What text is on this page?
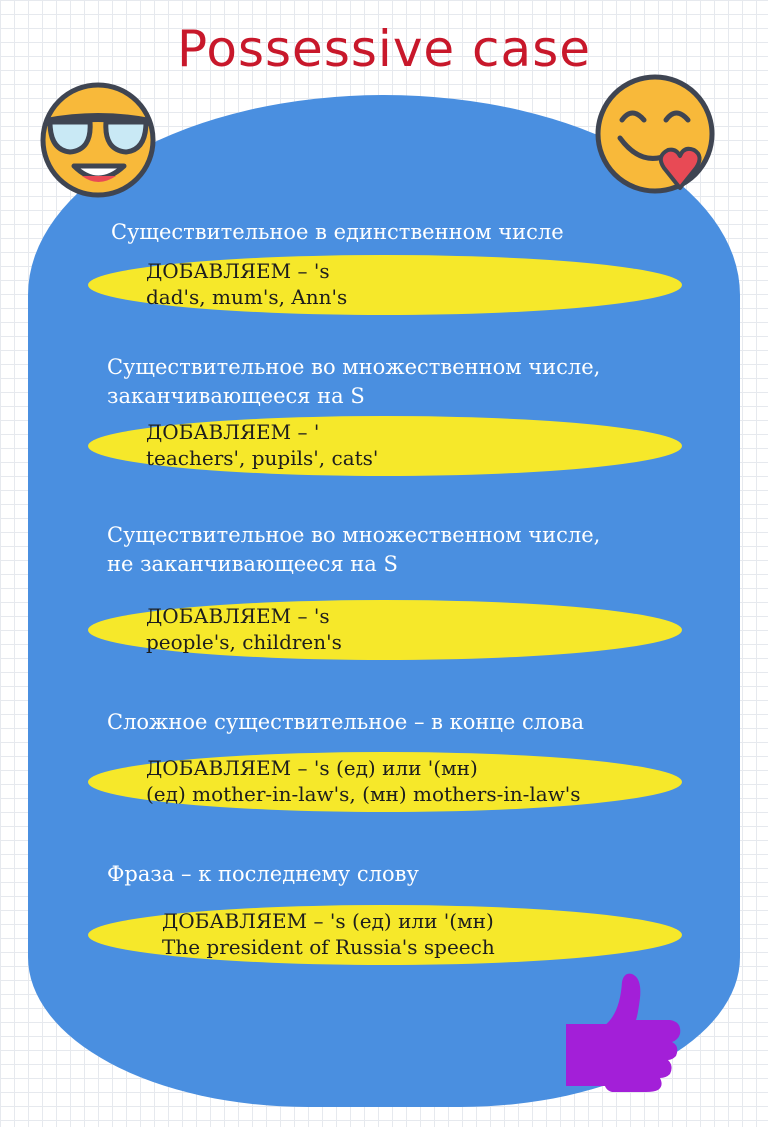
Possessive case

Существительное в единственном числе

ДОБАВЛЯЕМ – 's
dad's, mum's, Ann's

Существительное во множественном числе,
заканчивающееся на S

ДОБАВЛЯЕМ – '
teachers', pupils', cats'

Существительное во множественном числе,
не заканчивающееся на S

ДОБАВЛЯЕМ – 's
people's, children's

Сложное существительное – в конце слова

ДОБАВЛЯЕМ – 's (ед) или '(мн)
(ед) mother-in-law's, (мн) mothers-in-law's

Фраза – к последнему слову

ДОБАВЛЯЕМ – 's (ед) или '(мн)
The president of Russia's speech
